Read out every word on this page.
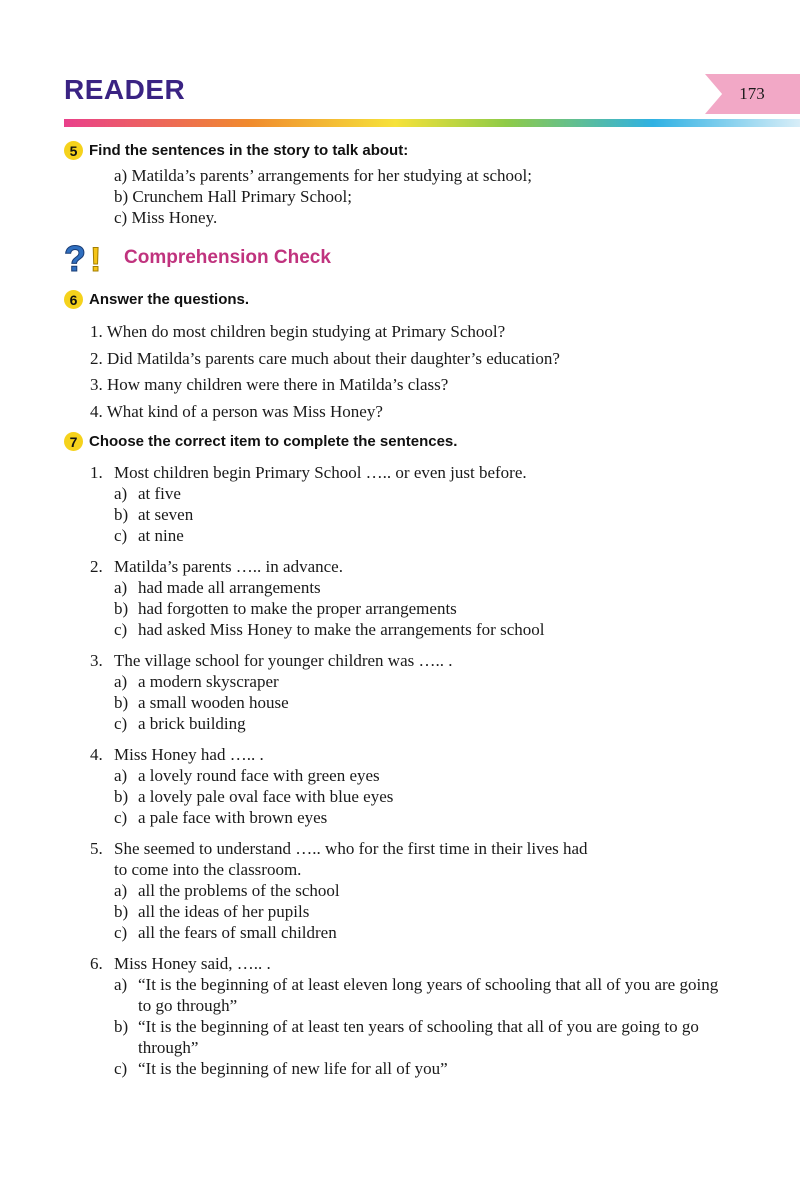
READER	173
5 Find the sentences in the story to talk about:
a) Matilda’s parents’ arrangements for her studying at school;
b) Crunchem Hall Primary School;
c) Miss Honey.
? ! Comprehension Check
6 Answer the questions.
1. When do most children begin studying at Primary School?
2. Did Matilda’s parents care much about their daughter’s education?
3. How many children were there in Matilda’s class?
4. What kind of a person was Miss Honey?
7 Choose the correct item to complete the sentences.
1. Most children begin Primary School ….. or even just before.
a) at five
b) at seven
c) at nine
2. Matilda’s parents ….. in advance.
a) had made all arrangements
b) had forgotten to make the proper arrangements
c) had asked Miss Honey to make the arrangements for school
3. The village school for younger children was ….. .
a) a modern skyscraper
b) a small wooden house
c) a brick building
4. Miss Honey had ….. .
a) a lovely round face with green eyes
b) a lovely pale oval face with blue eyes
c) a pale face with brown eyes
5. She seemed to understand ….. who for the first time in their lives had
to come into the classroom.
a) all the problems of the school
b) all the ideas of her pupils
c) all the fears of small children
6. Miss Honey said, ….. .
a) “It is the beginning of at least eleven long years of schooling that all of you are going to go through”
b) “It is the beginning of at least ten years of schooling that all of you are going to go through”
c) “It is the beginning of new life for all of you”
